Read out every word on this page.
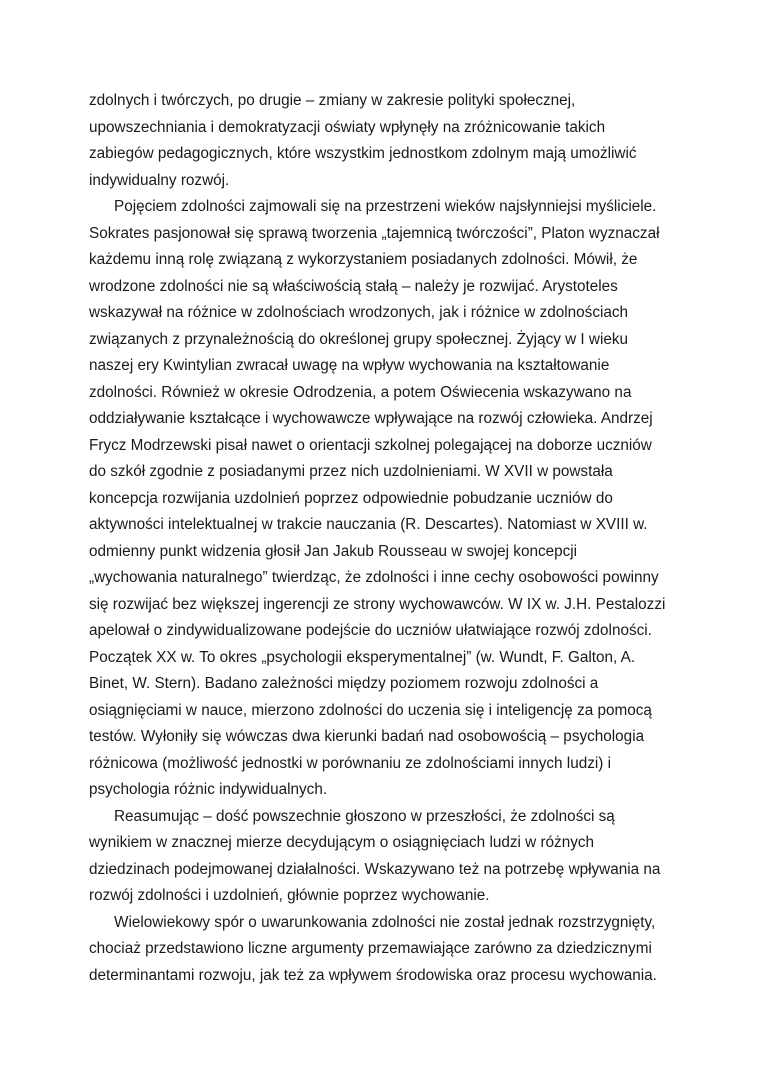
zdolnych i twórczych, po drugie – zmiany w zakresie polityki społecznej,
upowszechniania i demokratyzacji oświaty wpłynęły na zróżnicowanie takich
zabiegów pedagogicznych, które wszystkim jednostkom zdolnym mają umożliwić
indywidualny rozwój.
Pojęciem zdolności zajmowali się na przestrzeni wieków najsłynniejsi myśliciele.
Sokrates pasjonował się sprawą tworzenia „tajemnicą twórczości”, Platon wyznaczał
każdemu inną rolę związaną z wykorzystaniem posiadanych zdolności. Mówił, że
wrodzone zdolności nie są właściwością stałą – należy je rozwijać. Arystoteles
wskazywał na różnice w zdolnościach wrodzonych, jak i różnice w zdolnościach
związanych z przynależnością do określonej grupy społecznej. Żyjący w I wieku
naszej ery Kwintylian zwracał uwagę na wpływ wychowania na kształtowanie
zdolności. Również w okresie Odrodzenia, a potem Oświecenia wskazywano na
oddziaływanie kształcące i wychowawcze wpływające na rozwój człowieka. Andrzej
Frycz Modrzewski pisał nawet o orientacji szkolnej polegającej na doborze uczniów
do szkół zgodnie z posiadanymi przez nich uzdolnieniami. W XVII w powstała
koncepcja rozwijania uzdolnień poprzez odpowiednie pobudzanie uczniów do
aktywności intelektualnej w trakcie nauczania (R. Descartes). Natomiast w XVIII w.
odmienny punkt widzenia głosił Jan Jakub Rousseau w swojej koncepcji
„wychowania naturalnego” twierdząc, że zdolności i inne cechy osobowości powinny
się rozwijać bez większej ingerencji ze strony wychowawców. W IX w. J.H. Pestalozzi
apelował o zindywidualizowane podejście do uczniów ułatwiające rozwój zdolności.
Początek XX w. To okres „psychologii eksperymentalnej” (w. Wundt, F. Galton, A.
Binet, W. Stern). Badano zależności między poziomem rozwoju zdolności a
osiągnięciami w nauce, mierzono zdolności do uczenia się i inteligencję za pomocą
testów. Wyłoniły się wówczas dwa kierunki badań nad osobowością – psychologia
różnicowa (możliwość jednostki w porównaniu ze zdolnościami innych ludzi) i
psychologia różnic indywidualnych.
Reasumując – dość powszechnie głoszono w przeszłości, że zdolności są
wynikiem w znacznej mierze decydującym o osiągnięciach ludzi w różnych
dziedzinach podejmowanej działalności. Wskazywano też na potrzebę wpływania na
rozwój zdolności i uzdolnień, głównie poprzez wychowanie.
Wielowiekowy spór o uwarunkowania zdolności nie został jednak rozstrzygnięty,
chociaż przedstawiono liczne argumenty przemawiające zarówno za dziedzicznymi
determinantami rozwoju, jak też za wpływem środowiska oraz procesu wychowania.
